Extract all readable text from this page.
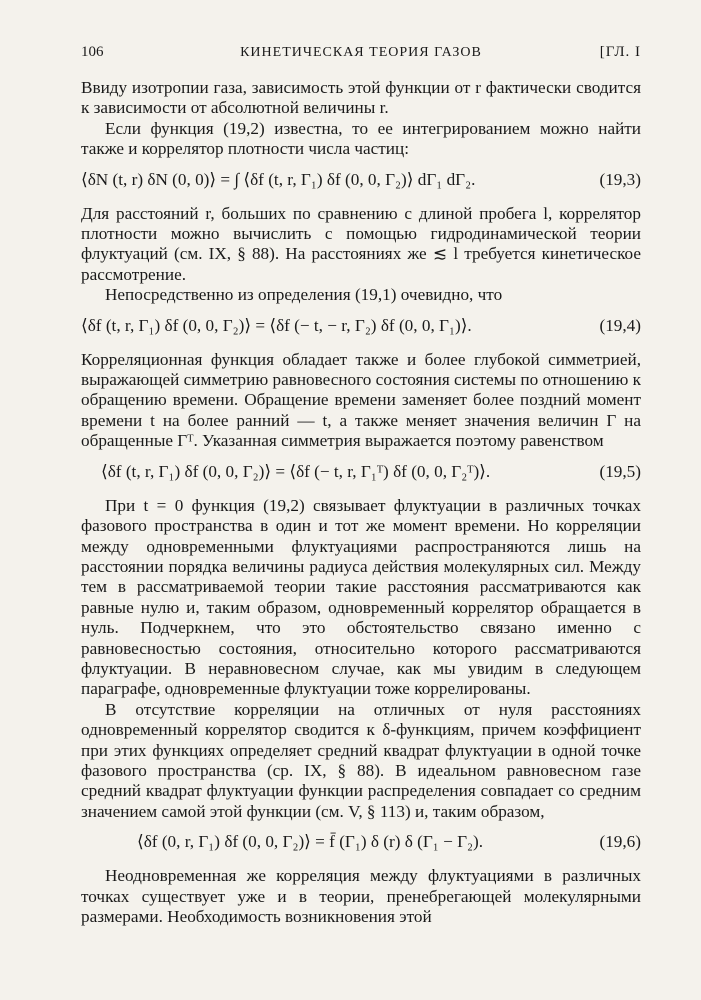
106	КИНЕТИЧЕСКАЯ ТЕОРИЯ ГАЗОВ	[ГЛ. I

Ввиду изотропии газа, зависимость этой функции от r фактически сводится к зависимости от абсолютной величины r.

Если функция (19,2) известна, то ее интегрированием можно найти также и коррелятор плотности числа частиц:

⟨δN (t, r) δN (0, 0)⟩ = ∫ ⟨δf (t, r, Γ₁) δf (0, 0, Γ₂)⟩ dΓ₁ dΓ₂.	(19,3)

Для расстояний r, больших по сравнению с длиной пробега l, коррелятор плотности можно вычислить с помощью гидродинамической теории флуктуаций (см. IX, § 88). На расстояниях же ≲ l требуется кинетическое рассмотрение.

Непосредственно из определения (19,1) очевидно, что

⟨δf (t, r, Γ₁) δf (0, 0, Γ₂)⟩ = ⟨δf (− t, − r, Γ₂) δf (0, 0, Γ₁)⟩.	(19,4)

Корреляционная функция обладает также и более глубокой симметрией, выражающей симметрию равновесного состояния системы по отношению к обращению времени. Обращение времени заменяет более поздний момент времени t на более ранний — t, а также меняет значения величин Γ на обращенные Γᵀ. Указанная симметрия выражается поэтому равенством

⟨δf (t, r, Γ₁) δf (0, 0, Γ₂)⟩ = ⟨δf (− t, r, Γ₁ᵀ) δf (0, 0, Γ₂ᵀ)⟩.	(19,5)

При t = 0 функция (19,2) связывает флуктуации в различных точках фазового пространства в один и тот же момент времени. Но корреляции между одновременными флуктуациями распространяются лишь на расстоянии порядка величины радиуса действия молекулярных сил. Между тем в рассматриваемой теории такие расстояния рассматриваются как равные нулю и, таким образом, одновременный коррелятор обращается в нуль. Подчеркнем, что это обстоятельство связано именно с равновесностью состояния, относительно которого рассматриваются флуктуации. В неравновесном случае, как мы увидим в следующем параграфе, одновременные флуктуации тоже коррелированы.

В отсутствие корреляции на отличных от нуля расстояниях одновременный коррелятор сводится к δ-функциям, причем коэффициент при этих функциях определяет средний квадрат флуктуации в одной точке фазового пространства (ср. IX, § 88). В идеальном равновесном газе средний квадрат флуктуации функции распределения совпадает со средним значением самой этой функции (см. V, § 113) и, таким образом,

⟨δf (0, r, Γ₁) δf (0, 0, Γ₂)⟩ = f̄ (Γ₁) δ (r) δ (Γ₁ − Γ₂).	(19,6)

Неодновременная же корреляция между флуктуациями в различных точках существует уже и в теории, пренебрегающей молекулярными размерами. Необходимость возникновения этой
